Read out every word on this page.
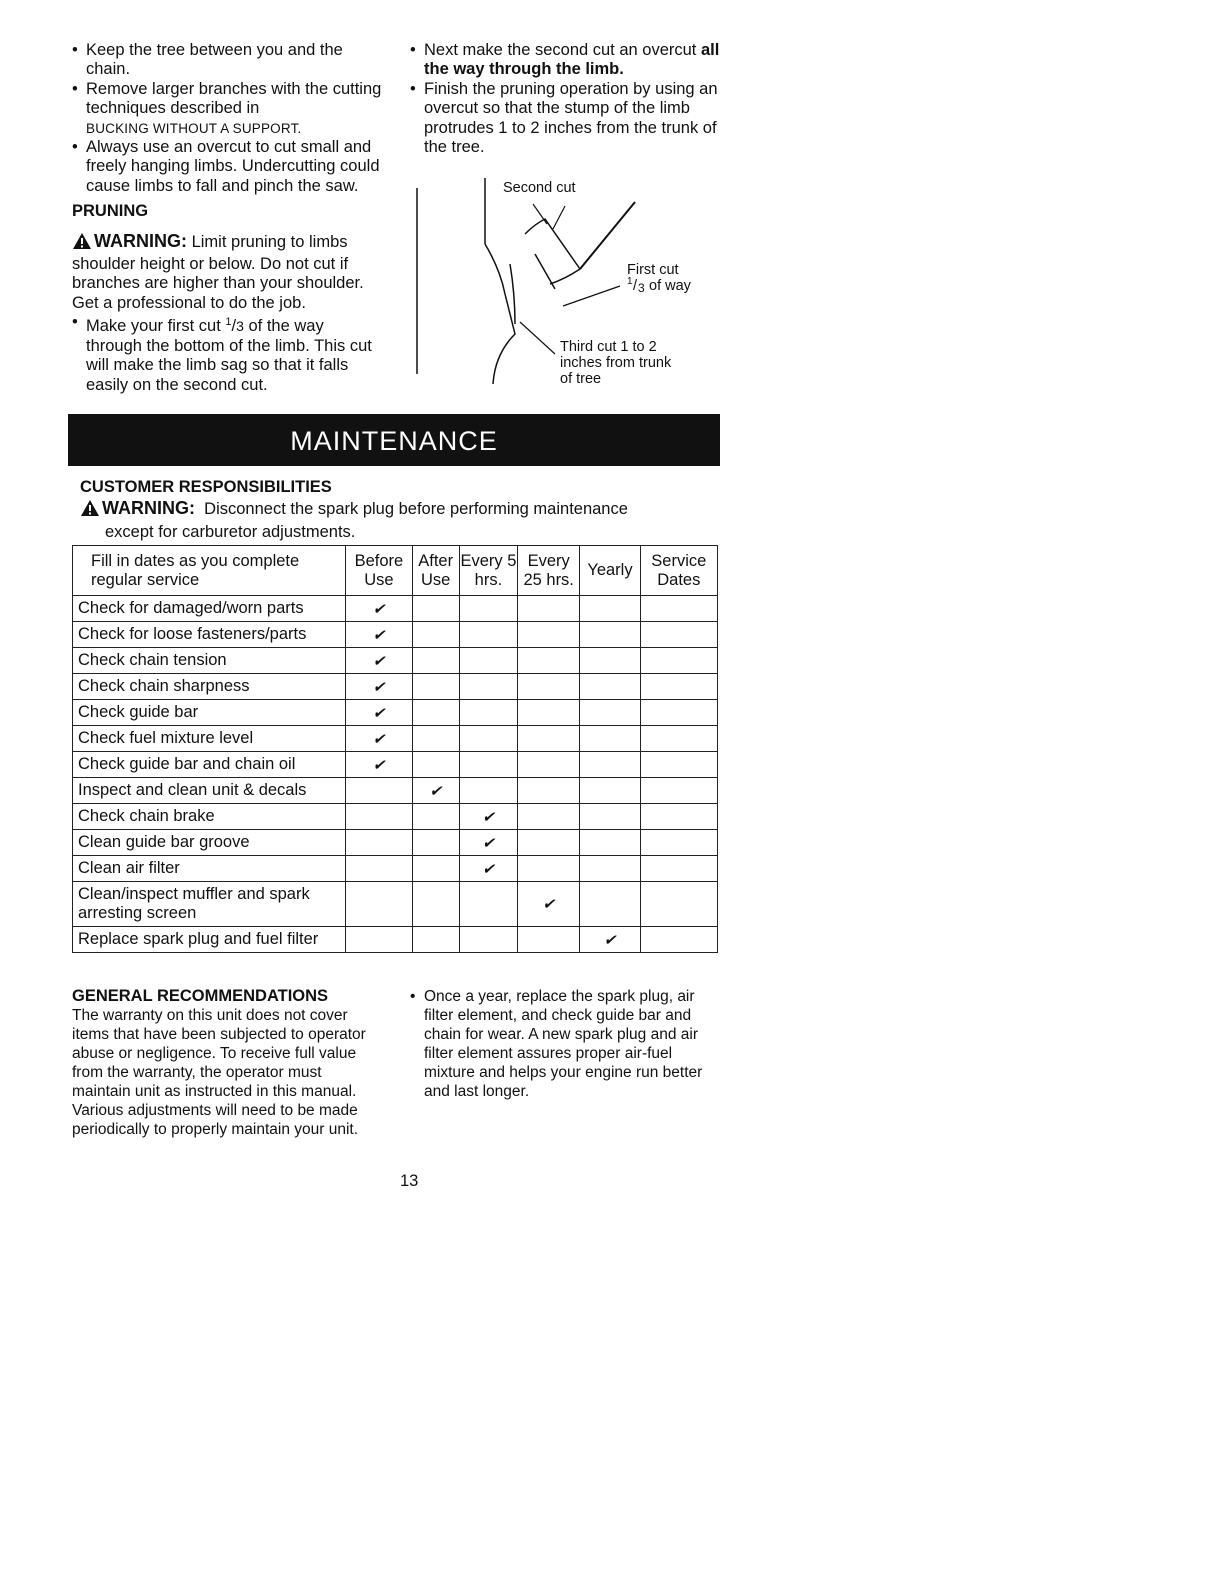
• Keep the tree between you and the chain.
• Remove larger branches with the cutting techniques described in
BUCKING WITHOUT A SUPPORT.
• Always use an overcut to cut small and freely hanging limbs. Undercutting could cause limbs to fall and pinch the saw.
PRUNING
WARNING: Limit pruning to limbs shoulder height or below. Do not cut if branches are higher than your shoulder. Get a professional to do the job.
• Make your first cut $^1$/3 of the way through the bottom of the limb. This cut will make the limb sag so that it falls easily on the second cut.
• Next make the second cut an overcut all the way through the limb.
• Finish the pruning operation by using an overcut so that the stump of the limb protrudes 1 to 2 inches from the trunk of the tree.
Second cut
First cut
1 / 3 of way
Third cut 1 to 2
inches from trunk
of tree
MAINTENANCE
CUSTOMER RESPONSIBILITIES
WARNING: Disconnect the spark plug before performing maintenance
except for carburetor adjustments.
Fill in dates as you complete regular service	Before Use	After Use	Every 5 hrs.	Every 25 hrs.	Yearly	Service Dates
Check for damaged/worn parts	✔					
Check for loose fasteners/parts	✔					
Check chain tension	✔					
Check chain sharpness	✔					
Check guide bar	✔					
Check fuel mixture level	✔					
Check guide bar and chain oil	✔					
Inspect and clean unit & decals		✔				
Check chain brake			✔			
Clean guide bar groove			✔			
Clean air filter			✔			
Clean/inspect muffler and spark arresting screen				✔		
Replace spark plug and fuel filter					✔	
GENERAL RECOMMENDATIONS
The warranty on this unit does not cover items that have been subjected to operator abuse or negligence. To receive full value from the warranty, the operator must maintain unit as instructed in this manual. Various adjustments will need to be made periodically to properly maintain your unit.
• Once a year, replace the spark plug, air filter element, and check guide bar and chain for wear. A new spark plug and air filter element assures proper air-fuel mixture and helps your engine run better and last longer.
13
